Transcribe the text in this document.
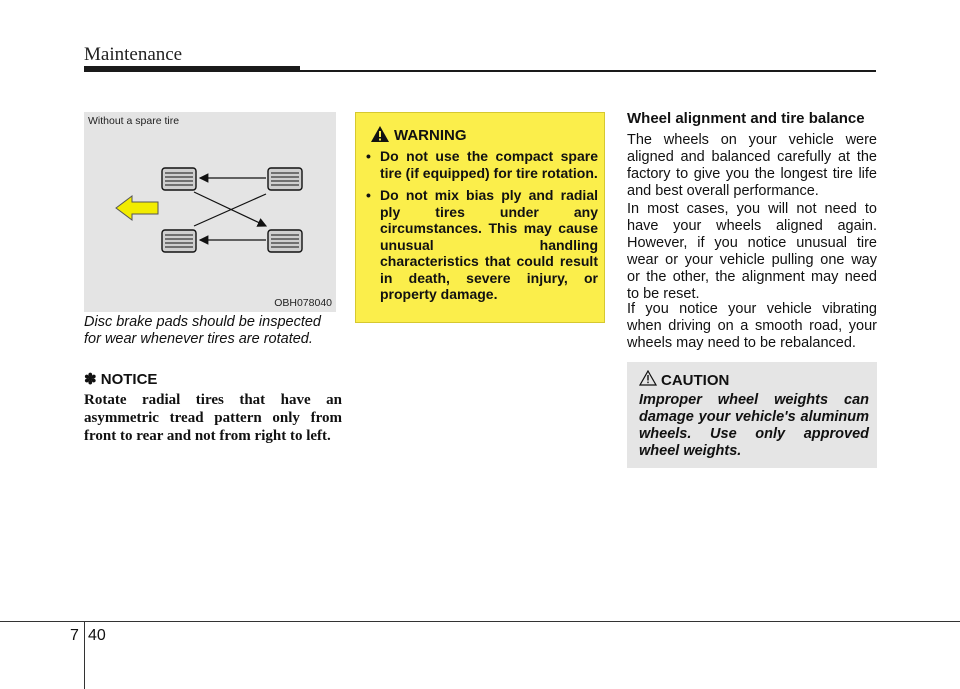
Maintenance
Without a spare tire
OBH078040
Disc brake pads should be inspected for wear whenever tires are rotated.
✽ NOTICE
Rotate radial tires that have an asymmetric tread pattern only from front to rear and not from right to left.
WARNING
• Do not use the compact spare tire (if equipped) for tire rotation.
• Do not mix bias ply and radial ply tires under any circumstances. This may cause unusual handling characteristics that could result in death, severe injury, or property damage.
Wheel alignment and tire balance

The wheels on your vehicle were aligned and balanced carefully at the factory to give you the longest tire life and best overall performance.

In most cases, you will not need to have your wheels aligned again. However, if you notice unusual tire wear or your vehicle pulling one way or the other, the alignment may need to be reset.

If you notice your vehicle vibrating when driving on a smooth road, your wheels may need to be rebalanced.

CAUTION
Improper wheel weights can damage your vehicle's aluminum wheels. Use only approved wheel weights.
7 40
